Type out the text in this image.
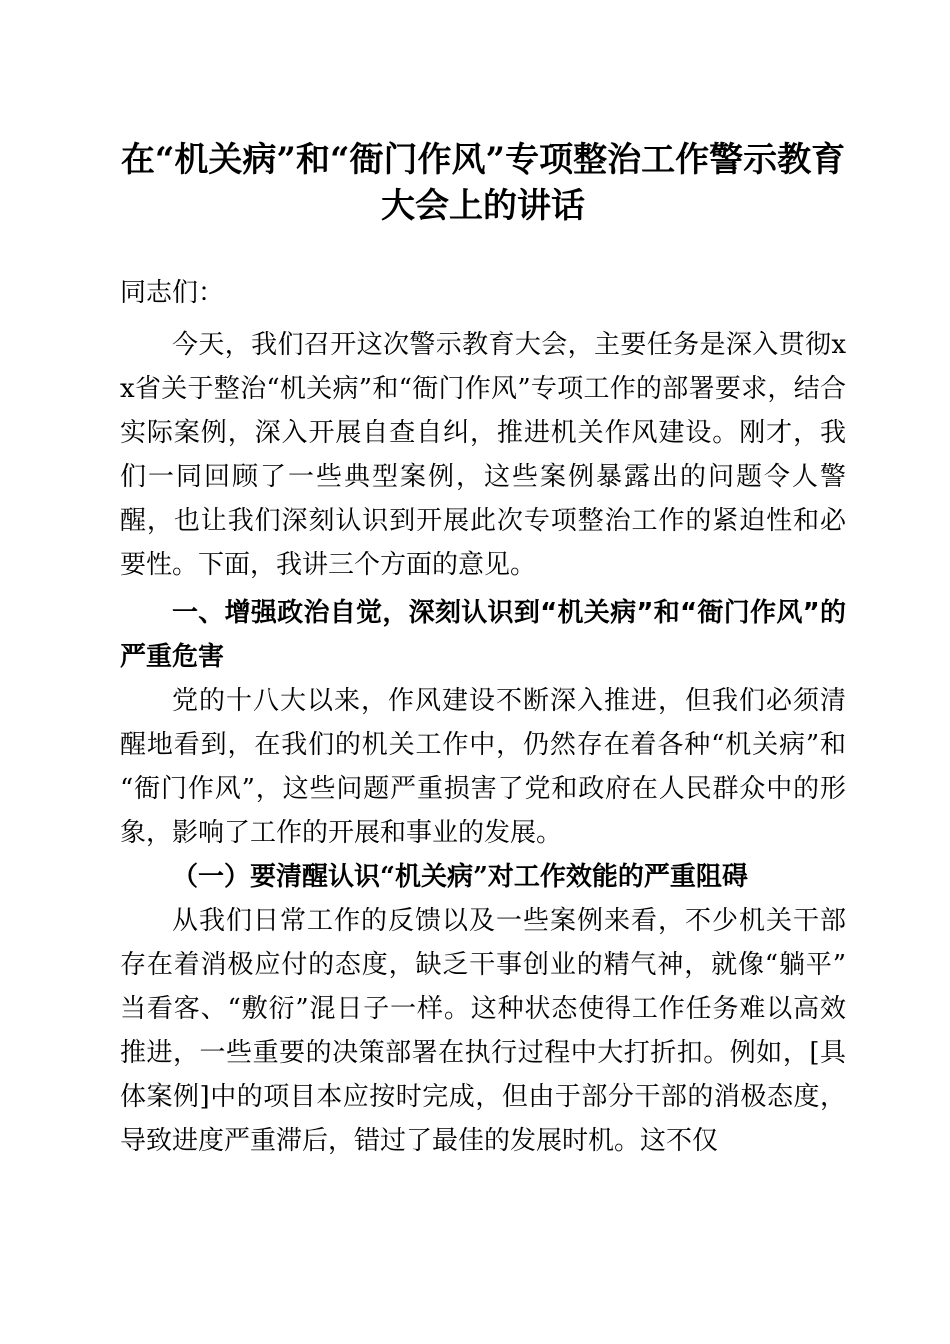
在“机关病”和“衙门作风”专项整治工作警示教育大会上的讲话

同志们：

今天，我们召开这次警示教育大会，主要任务是深入贯彻xx省关于整治“机关病”和“衙门作风”专项工作的部署要求，结合实际案例，深入开展自查自纠，推进机关作风建设。刚才，我们一同回顾了一些典型案例，这些案例暴露出的问题令人警醒，也让我们深刻认识到开展此次专项整治工作的紧迫性和必要性。下面，我讲三个方面的意见。

一、增强政治自觉，深刻认识到“机关病”和“衙门作风”的严重危害

党的十八大以来，作风建设不断深入推进，但我们必须清醒地看到，在我们的机关工作中，仍然存在着各种“机关病”和“衙门作风”，这些问题严重损害了党和政府在人民群众中的形象，影响了工作的开展和事业的发展。

（一）要清醒认识“机关病”对工作效能的严重阻碍

从我们日常工作的反馈以及一些案例来看，不少机关干部存在着消极应付的态度，缺乏干事创业的精气神，就像“躺平”当看客、“敷衍”混日子一样。这种状态使得工作任务难以高效推进，一些重要的决策部署在执行过程中大打折扣。例如，[具体案例]中的项目本应按时完成，但由于部分干部的消极态度，导致进度严重滞后，错过了最佳的发展时机。这不仅
